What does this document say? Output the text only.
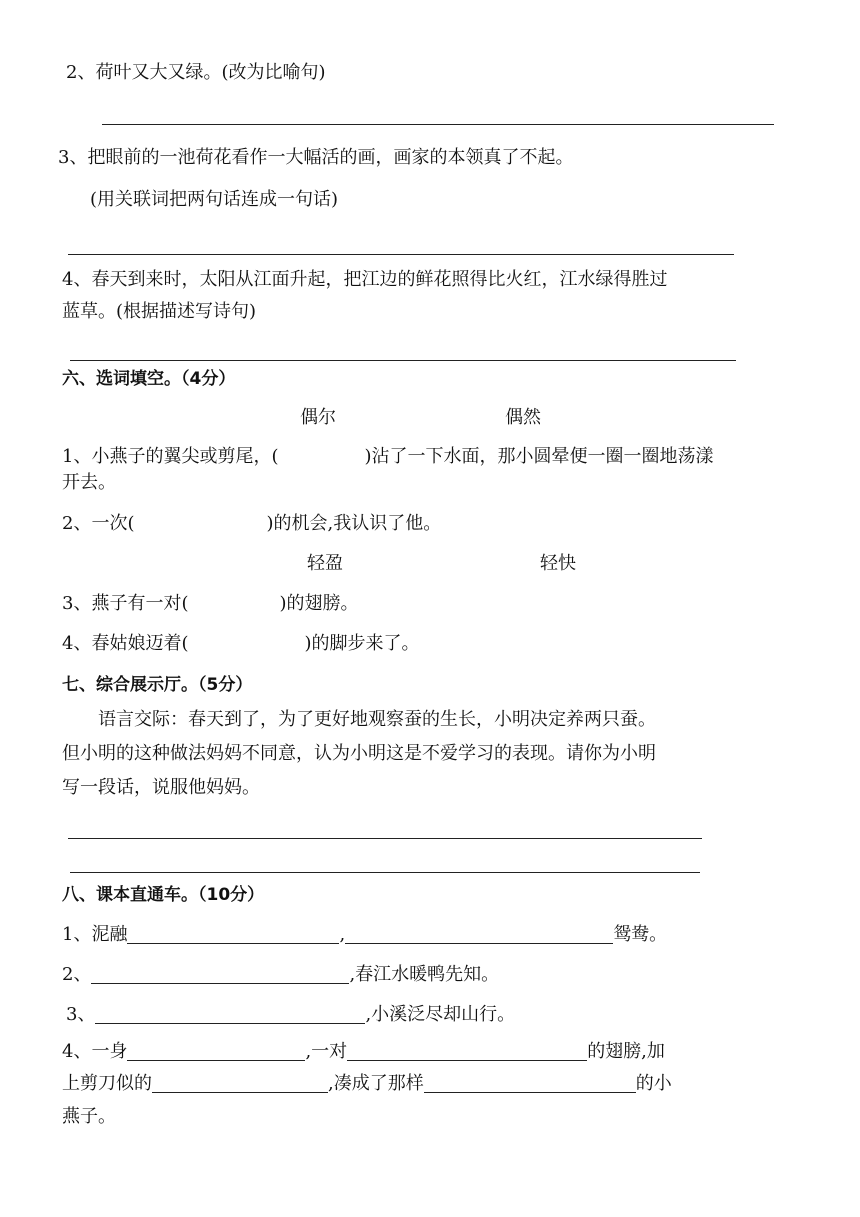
2、荷叶又大又绿。(改为比喻句)
3、把眼前的一池荷花看作一大幅活的画，画家的本领真了不起。
(用关联词把两句话连成一句话)
4、春天到来时，太阳从江面升起，把江边的鲜花照得比火红，江水绿得胜过
蓝草。(根据描述写诗句)
六、选词填空。（4分）
偶尔	偶然
1、小燕子的翼尖或剪尾，(	)沾了一下水面，那小圆晕便一圈一圈地荡漾
开去。
2、一次(	)的机会,我认识了他。
轻盈	轻快
3、燕子有一对(	)的翅膀。
4、春姑娘迈着(	)的脚步来了。
七、综合展示厅。（5分）
语言交际：春天到了，为了更好地观察蚕的生长，小明决定养两只蚕。
但小明的这种做法妈妈不同意，认为小明这是不爱学习的表现。请你为小明
写一段话，说服他妈妈。
八、课本直通车。（10分）
1、泥融	,	鸳鸯。
2、	,春江水暖鸭先知。
3、	,小溪泛尽却山行。
4、一身	,一对	的翅膀,加
上剪刀似的	,凑成了那样	的小
燕子。
